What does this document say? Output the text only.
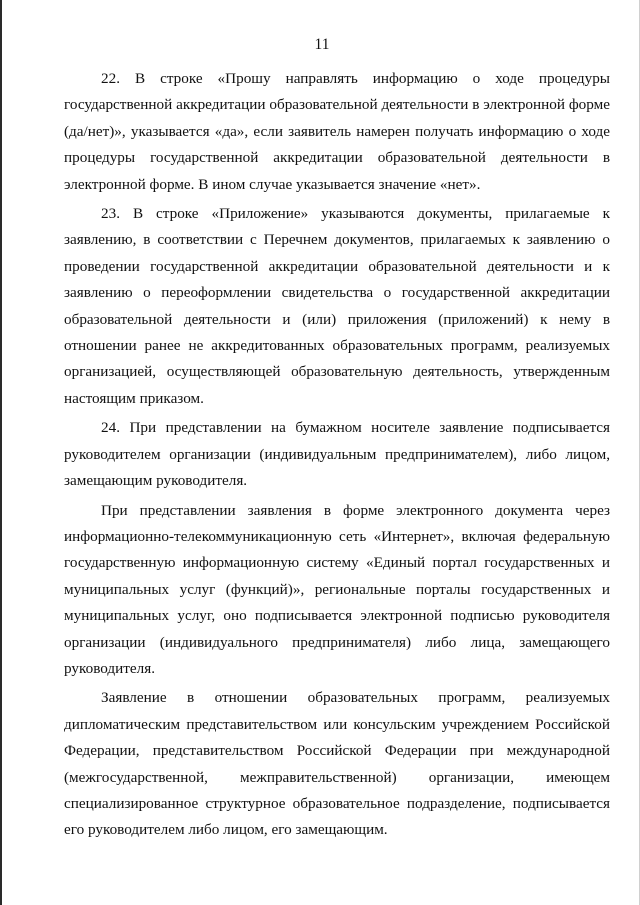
11

22. В строке «Прошу направлять информацию о ходе процедуры государственной аккредитации образовательной деятельности в электронной форме (да/нет)», указывается «да», если заявитель намерен получать информацию о ходе процедуры государственной аккредитации образовательной деятельности в электронной форме. В ином случае указывается значение «нет».

23. В строке «Приложение» указываются документы, прилагаемые к заявлению, в соответствии с Перечнем документов, прилагаемых к заявлению о проведении государственной аккредитации образовательной деятельности и к заявлению о переоформлении свидетельства о государственной аккредитации образовательной деятельности и (или) приложения (приложений) к нему в отношении ранее не аккредитованных образовательных программ, реализуемых организацией, осуществляющей образовательную деятельность, утвержденным настоящим приказом.

24. При представлении на бумажном носителе заявление подписывается руководителем организации (индивидуальным предпринимателем), либо лицом, замещающим руководителя.

При представлении заявления в форме электронного документа через информационно-телекоммуникационную сеть «Интернет», включая федеральную государственную информационную систему «Единый портал государственных и муниципальных услуг (функций)», региональные порталы государственных и муниципальных услуг, оно подписывается электронной подписью руководителя организации (индивидуального предпринимателя) либо лица, замещающего руководителя.

Заявление в отношении образовательных программ, реализуемых дипломатическим представительством или консульским учреждением Российской Федерации, представительством Российской Федерации при международной (межгосударственной, межправительственной) организации, имеющем специализированное структурное образовательное подразделение, подписывается его руководителем либо лицом, его замещающим.
